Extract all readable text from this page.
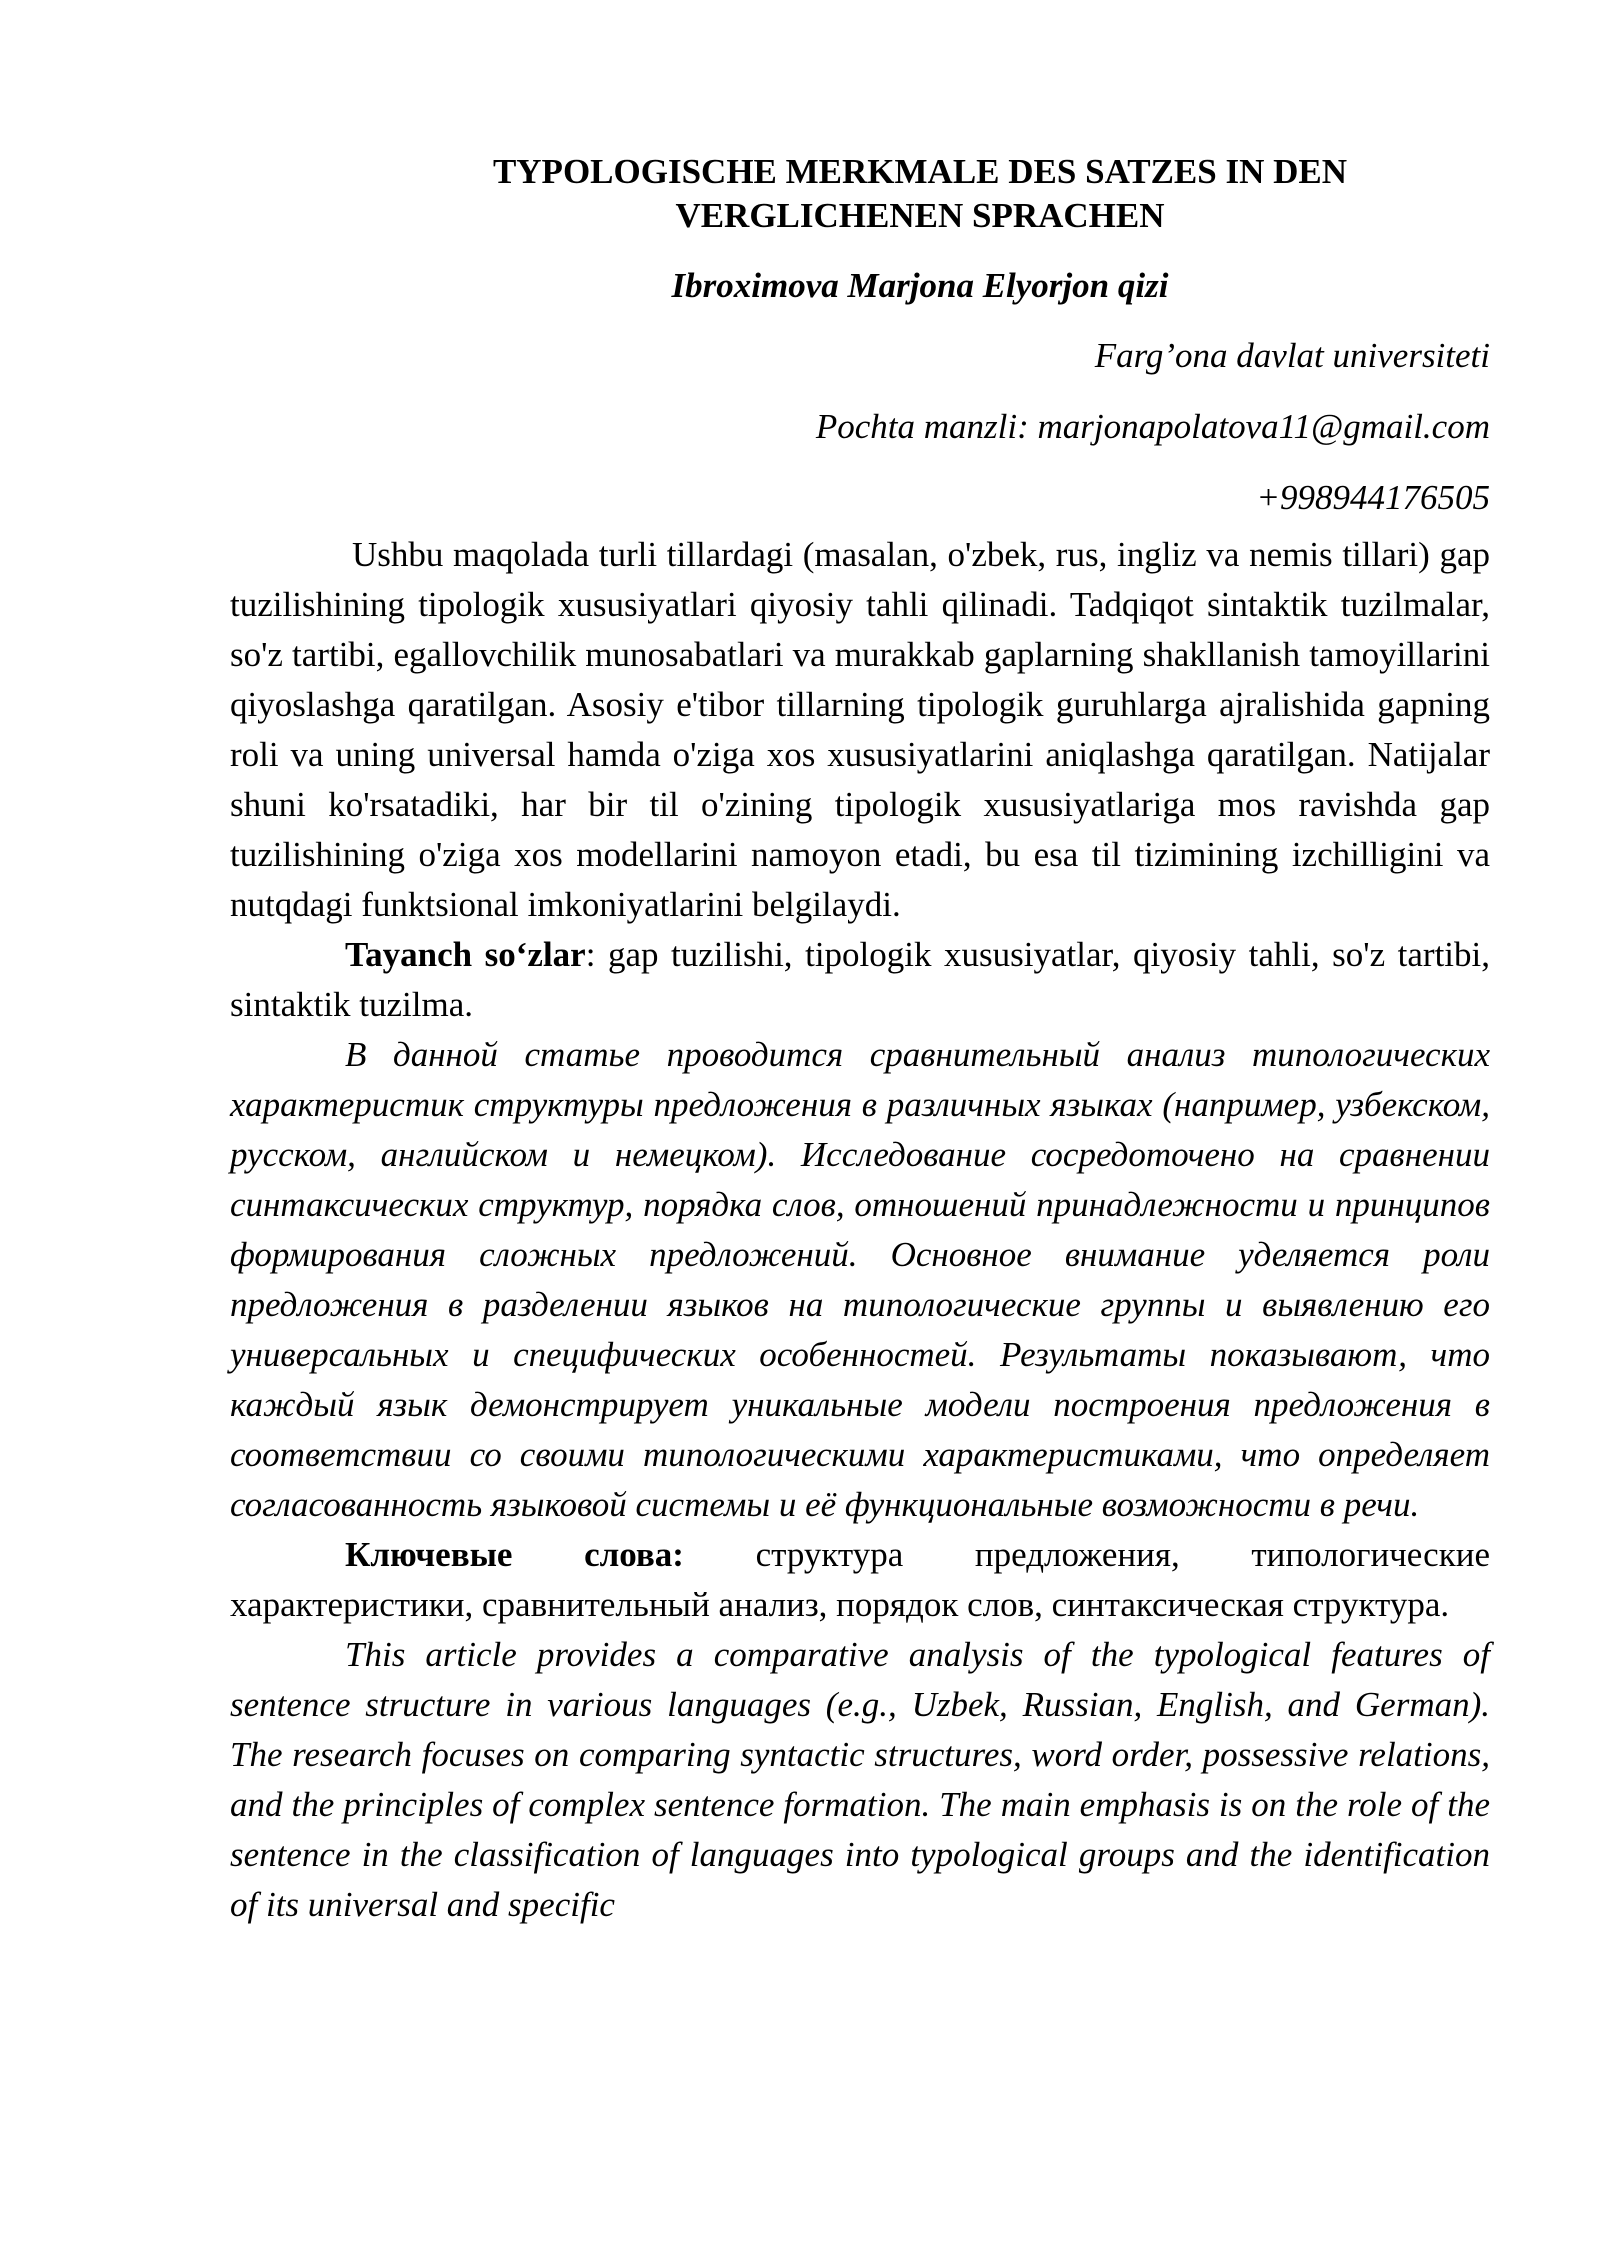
TYPOLOGISCHE MERKMALE DES SATZES IN DEN
VERGLICHENEN SPRACHEN

Ibroximova Marjona Elyorjon qizi

Farg’ona davlat universiteti

Pochta manzli: marjonapolatova11@gmail.com

+998944176505

Ushbu maqolada turli tillardagi (masalan, o'zbek, rus, ingliz va nemis tillari) gap tuzilishining tipologik xususiyatlari qiyosiy tahli qilinadi. Tadqiqot sintaktik tuzilmalar, so'z tartibi, egallovchilik munosabatlari va murakkab gaplarning shakllanish tamoyillarini qiyoslashga qaratilgan. Asosiy e'tibor tillarning tipologik guruhlarga ajralishida gapning roli va uning universal hamda o'ziga xos xususiyatlarini aniqlashga qaratilgan. Natijalar shuni ko'rsatadiki, har bir til o'zining tipologik xususiyatlariga mos ravishda gap tuzilishining o'ziga xos modellarini namoyon etadi, bu esa til tizimining izchilligini va nutqdagi funktsional imkoniyatlarini belgilaydi.

Tayanch so‘zlar: gap tuzilishi, tipologik xususiyatlar, qiyosiy tahli, so'z tartibi, sintaktik tuzilma.

В данной статье проводится сравнительный анализ типологических характеристик структуры предложения в различных языках (например, узбекском, русском, английском и немецком). Исследование сосредоточено на сравнении синтаксических структур, порядка слов, отношений принадлежности и принципов формирования сложных предложений. Основное внимание уделяется роли предложения в разделении языков на типологические группы и выявлению его универсальных и специфических особенностей. Результаты показывают, что каждый язык демонстрирует уникальные модели построения предложения в соответствии со своими типологическими характеристиками, что определяет согласованность языковой системы и её функциональные возможности в речи.

Ключевые слова: структура предложения, типологические характеристики, сравнительный анализ, порядок слов, синтаксическая структура.

This article provides a comparative analysis of the typological features of sentence structure in various languages (e.g., Uzbek, Russian, English, and German). The research focuses on comparing syntactic structures, word order, possessive relations, and the principles of complex sentence formation. The main emphasis is on the role of the sentence in the classification of languages into typological groups and the identification of its universal and specific
